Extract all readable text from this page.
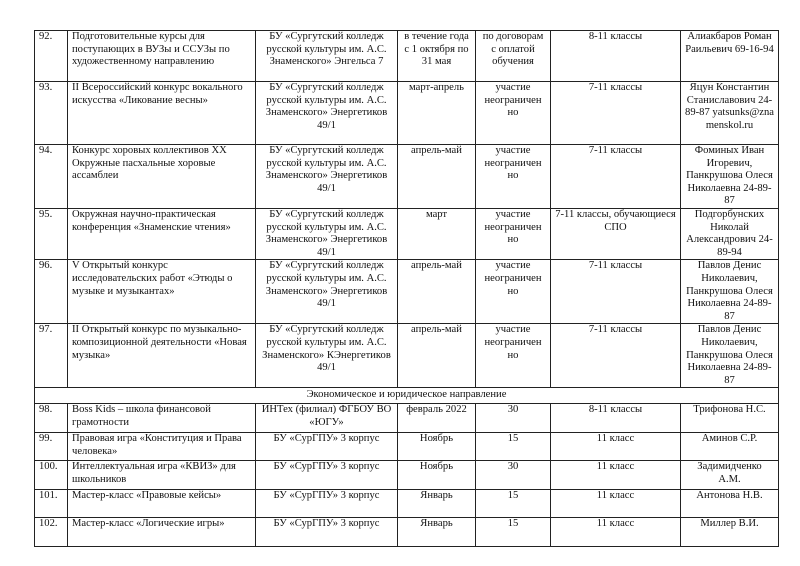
92.	Подготовительные курсы для поступающих в ВУЗы и ССУЗы по художественному направлению	БУ «Сургутский колледж русской культуры им. А.С. Знаменского» Энгельса 7	в течение года с 1 октября по 31 мая	по договорам с оплатой обучения	8-11 классы	Алиакбаров Роман Раильевич 69-16-94
93.	II Всероссийский конкурс вокального искусства «Ликование весны»	БУ «Сургутский колледж русской культуры им. А.С. Знаменского» Энергетиков 49/1	март-апрель	участие неограничен но	7-11 классы	Яцун Константин Станиславович 24-89-87 yatsunks@znamenskol.ru
94.	Конкурс хоровых коллективов XX Окружные пасхальные хоровые ассамблеи	БУ «Сургутский колледж русской культуры им. А.С. Знаменского» Энергетиков 49/1	апрель-май	участие неограничен но	7-11 классы	Фоминых Иван Игоревич, Панкрушова Олеся Николаевна 24-89-87
95.	Окружная научно-практическая конференция «Знаменские чтения»	БУ «Сургутский колледж русской культуры им. А.С. Знаменского» Энергетиков 49/1	март	участие неограничен но	7-11 классы, обучающиеся СПО	Подгорбунских Николай Александрович 24-89-94
96.	V Открытый конкурс исследовательских работ «Этюды о музыке и музыкантах»	БУ «Сургутский колледж русской культуры им. А.С. Знаменского» Энергетиков 49/1	апрель-май	участие неограничен но	7-11 классы	Павлов Денис Николаевич, Панкрушова Олеся Николаевна 24-89-87
97.	II Открытый конкурс по музыкально-композиционной деятельности «Новая музыка»	БУ «Сургутский колледж русской культуры им. А.С. Знаменского» КЭнергетиков 49/1	апрель-май	участие неограничен но	7-11 классы	Павлов Денис Николаевич, Панкрушова Олеся Николаевна 24-89-87
Экономическое и юридическое направление						
98.	Boss Kids – школа финансовой грамотности	ИНТех (филиал) ФГБОУ ВО «ЮГУ»	февраль 2022	30	8-11 классы	Трифонова Н.С.
99.	Правовая игра «Конституция и Права человека»	БУ «СурГПУ» 3 корпус	Ноябрь	15	11 класс	Аминов С.Р.
100.	Интеллектуальная игра «КВИЗ» для школьников	БУ «СурГПУ» 3 корпус	Ноябрь	30	11 класс	Задимидченко А.М.
101.	Мастер-класс «Правовые кейсы»	БУ «СурГПУ» 3 корпус	Январь	15	11 класс	Антонова Н.В.
102.	Мастер-класс «Логические игры»	БУ «СурГПУ» 3 корпус	Январь	15	11 класс	Миллер В.И.
